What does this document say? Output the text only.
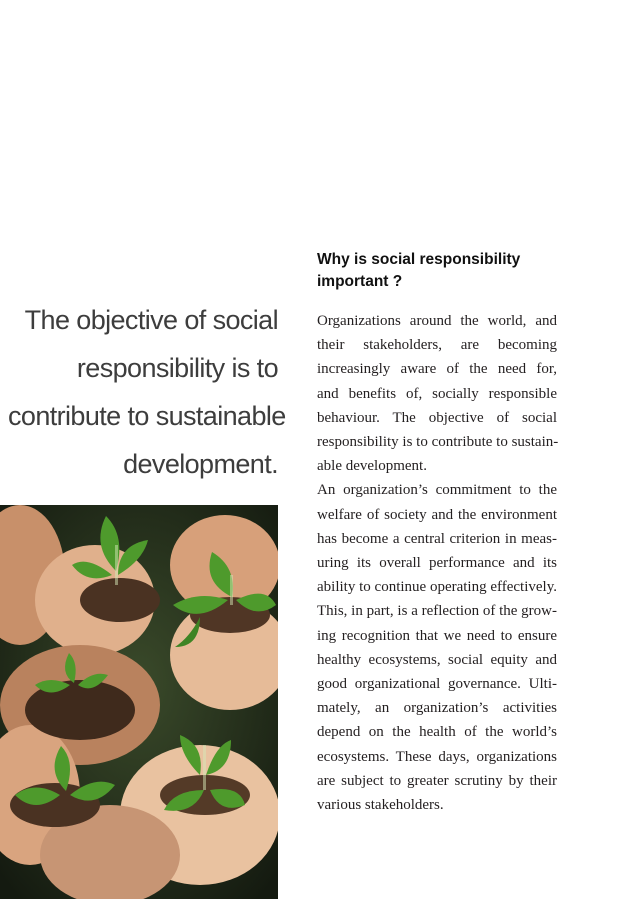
The objective of social
responsibility is to
contribute to sustainable
development.
Why is social responsibility
important ?
Organizations around the world, and
their stakeholders, are becoming
increasingly aware of the need for,
and benefits of, socially responsible
behaviour. The objective of social
responsibility is to contribute to sustain-
able development.
An organization’s commitment to the
welfare of society and the environment
has become a central criterion in meas-
uring its overall performance and its
ability to continue operating effectively.
This, in part, is a reflection of the grow-
ing recognition that we need to ensure
healthy ecosystems, social equity and
good organizational governance. Ulti-
mately, an organization’s activities
depend on the health of the world’s
ecosystems. These days, organizations
are subject to greater scrutiny by their
various stakeholders.
